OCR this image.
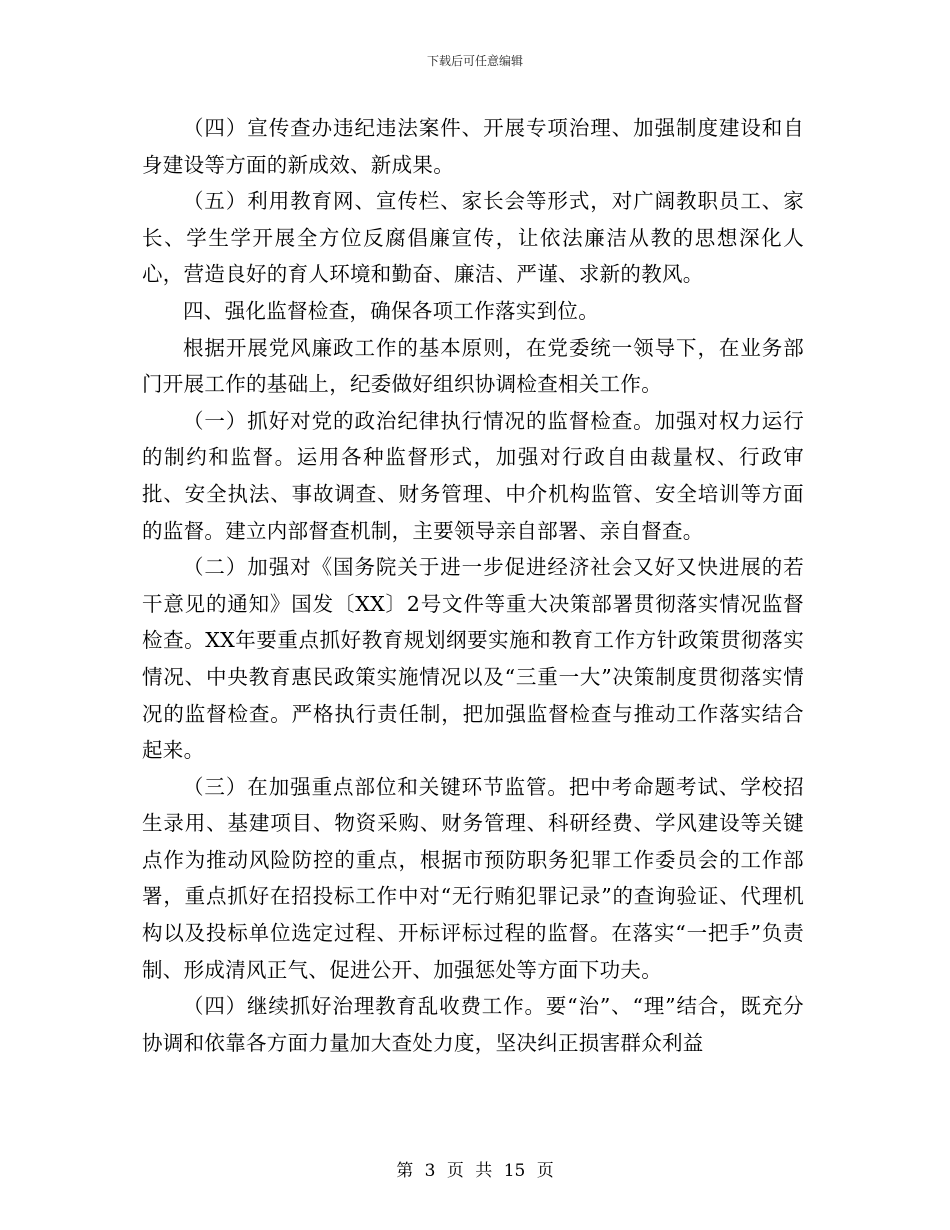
下载后可任意编辑

（四）宣传查办违纪违法案件、开展专项治理、加强制度建设和自身建设等方面的新成效、新成果。

（五）利用教育网、宣传栏、家长会等形式，对广阔教职员工、家长、学生学开展全方位反腐倡廉宣传，让依法廉洁从教的思想深化人心，营造良好的育人环境和勤奋、廉洁、严谨、求新的教风。

四、强化监督检查，确保各项工作落实到位。

根据开展党风廉政工作的基本原则，在党委统一领导下，在业务部门开展工作的基础上，纪委做好组织协调检查相关工作。

（一）抓好对党的政治纪律执行情况的监督检查。加强对权力运行的制约和监督。运用各种监督形式，加强对行政自由裁量权、行政审批、安全执法、事故调查、财务管理、中介机构监管、安全培训等方面的监督。建立内部督查机制，主要领导亲自部署、亲自督查。

（二）加强对《国务院关于进一步促进经济社会又好又快进展的若干意见的通知》国发〔XX〕2号文件等重大决策部署贯彻落实情况监督检查。XX年要重点抓好教育规划纲要实施和教育工作方针政策贯彻落实情况、中央教育惠民政策实施情况以及“三重一大”决策制度贯彻落实情况的监督检查。严格执行责任制，把加强监督检查与推动工作落实结合起来。

（三）在加强重点部位和关键环节监管。把中考命题考试、学校招生录用、基建项目、物资采购、财务管理、科研经费、学风建设等关键点作为推动风险防控的重点，根据市预防职务犯罪工作委员会的工作部署，重点抓好在招投标工作中对“无行贿犯罪记录”的查询验证、代理机构以及投标单位选定过程、开标评标过程的监督。在落实“一把手”负责制、形成清风正气、促进公开、加强惩处等方面下功夫。

（四）继续抓好治理教育乱收费工作。要“治”、“理”结合，既充分协调和依靠各方面力量加大查处力度，坚决纠正损害群众利益

第 3 页 共 15 页
